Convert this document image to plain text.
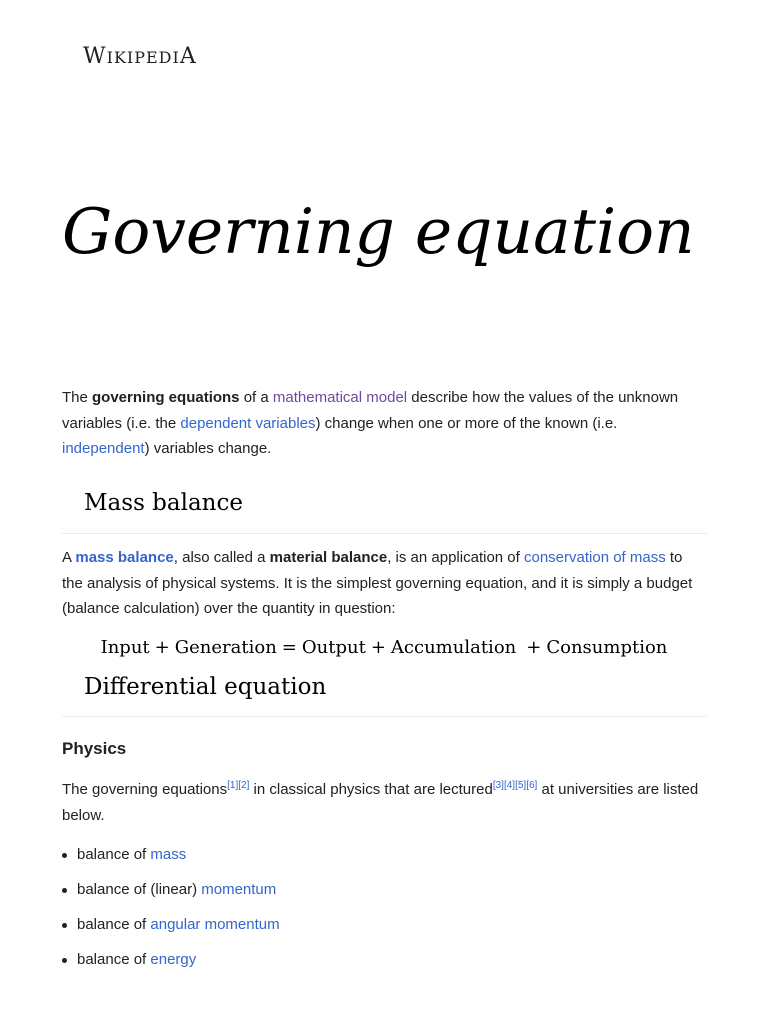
WIKIPEDIA
Governing equation

The governing equations of a mathematical model describe how the values of the unknown variables (i.e. the dependent variables) change when one or more of the known (i.e. independent) variables change.

Mass balance

A mass balance, also called a material balance, is an application of conservation of mass to the analysis of physical systems. It is the simplest governing equation, and it is simply a budget (balance calculation) over the quantity in question:

Input + Generation = Output + Accumulation + Consumption
Differential equation
Physics

The governing equations[1][2] in classical physics that are lectured[3][4][5][6] at universities are listed below.

balance of mass
balance of (linear) momentum
balance of angular momentum
balance of energy
